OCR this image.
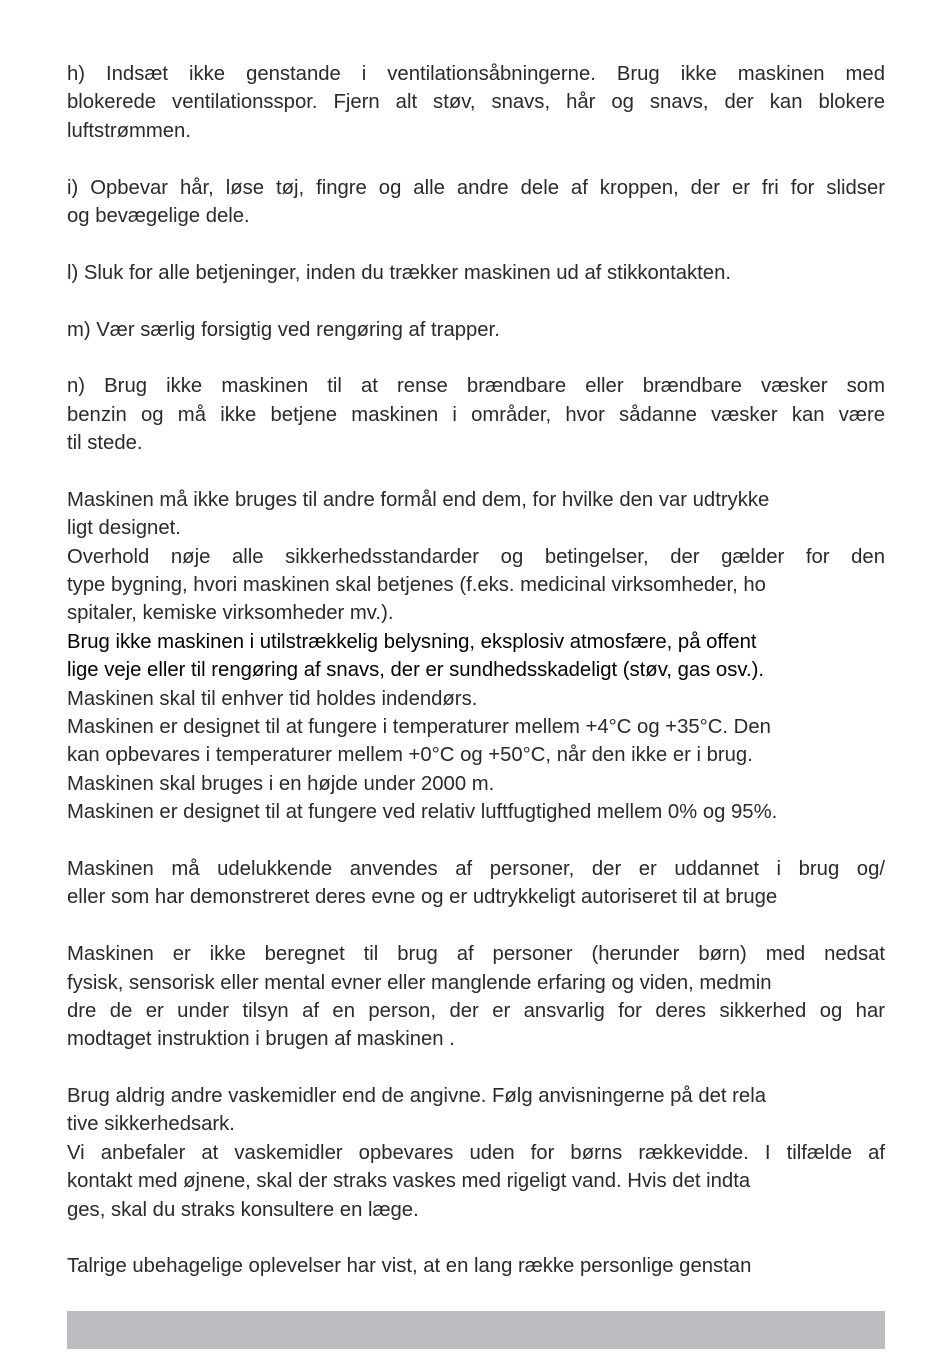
h) Indsæt ikke genstande i ventilationsåbningerne. Brug ikke maskinen med
blokerede ventilationsspor. Fjern alt støv, snavs, hår og snavs, der kan blokere
luftstrømmen.
i) Opbevar hår, løse tøj, fingre og alle andre dele af kroppen, der er fri for slidser
og bevægelige dele.
l) Sluk for alle betjeninger, inden du trækker maskinen ud af stikkontakten.
m) Vær særlig forsigtig ved rengøring af trapper.
n) Brug ikke maskinen til at rense brændbare eller brændbare væsker som
benzin og må ikke betjene maskinen i områder, hvor sådanne væsker kan være
til stede.
Maskinen må ikke bruges til andre formål end dem, for hvilke den var udtrykke
ligt designet.
Overhold nøje alle sikkerhedsstandarder og betingelser, der gælder for den
type bygning, hvori maskinen skal betjenes (f.eks. medicinal virksomheder, ho
spitaler, kemiske virksomheder mv.).
Brug ikke maskinen i utilstrækkelig belysning, eksplosiv atmosfære, på offent
lige veje eller til rengøring af snavs, der er sundhedsskadeligt (støv, gas osv.).
Maskinen skal til enhver tid holdes indendørs.
Maskinen er designet til at fungere i temperaturer mellem +4°C og +35°C. Den
kan opbevares i temperaturer mellem +0°C og +50°C, når den ikke er i brug.
Maskinen skal bruges i en højde under 2000 m.
Maskinen er designet til at fungere ved relativ luftfugtighed mellem 0% og 95%.
Maskinen må udelukkende anvendes af personer, der er uddannet i brug og/
eller som har demonstreret deres evne og er udtrykkeligt autoriseret til at bruge
Maskinen er ikke beregnet til brug af personer (herunder børn) med nedsat
fysisk, sensorisk eller mental evner eller manglende erfaring og viden, medmin
dre de er under tilsyn af en person, der er ansvarlig for deres sikkerhed og har
modtaget instruktion i brugen af maskinen .
Brug aldrig andre vaskemidler end de angivne. Følg anvisningerne på det rela
tive sikkerhedsark.
Vi anbefaler at vaskemidler opbevares uden for børns rækkevidde. I tilfælde af
kontakt med øjnene, skal der straks vaskes med rigeligt vand. Hvis det indta
ges, skal du straks konsultere en læge.
Talrige ubehagelige oplevelser har vist, at en lang række personlige genstan
